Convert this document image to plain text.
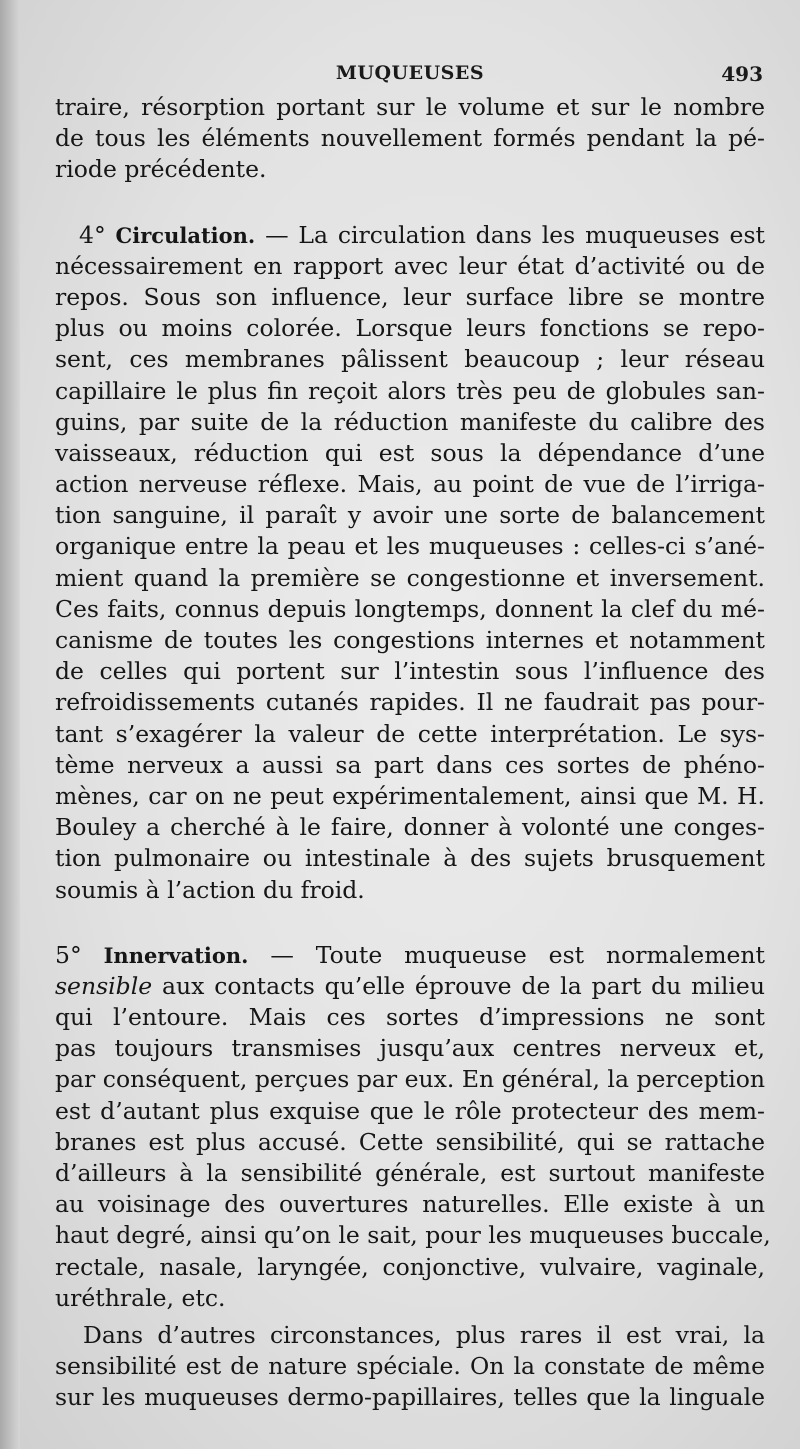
MUQUEUSES	493
traire, résorption portant sur le volume et sur le nombre
de tous les éléments nouvellement formés pendant la pé-
riode précédente.
4° Circulation. — La circulation dans les muqueuses est
nécessairement en rapport avec leur état d’activité ou de
repos. Sous son influence, leur surface libre se montre
plus ou moins colorée. Lorsque leurs fonctions se repo-
sent, ces membranes pâlissent beaucoup ; leur réseau
capillaire le plus fin reçoit alors très peu de globules san-
guins, par suite de la réduction manifeste du calibre des
vaisseaux, réduction qui est sous la dépendance d’une
action nerveuse réflexe. Mais, au point de vue de l’irriga-
tion sanguine, il paraît y avoir une sorte de balancement
organique entre la peau et les muqueuses : celles-ci s’ané-
mient quand la première se congestionne et inversement.
Ces faits, connus depuis longtemps, donnent la clef du mé-
canisme de toutes les congestions internes et notamment
de celles qui portent sur l’intestin sous l’influence des
refroidissements cutanés rapides. Il ne faudrait pas pour-
tant s’exagérer la valeur de cette interprétation. Le sys-
tème nerveux a aussi sa part dans ces sortes de phéno-
mènes, car on ne peut expérimentalement, ainsi que M. H.
Bouley a cherché à le faire, donner à volonté une conges-
tion pulmonaire ou intestinale à des sujets brusquement
soumis à l’action du froid.
5° Innervation. — Toute muqueuse est normalement
sensible aux contacts qu’elle éprouve de la part du milieu
qui l’entoure. Mais ces sortes d’impressions ne sont
pas toujours transmises jusqu’aux centres nerveux et,
par conséquent, perçues par eux. En général, la perception
est d’autant plus exquise que le rôle protecteur des mem-
branes est plus accusé. Cette sensibilité, qui se rattache
d’ailleurs à la sensibilité générale, est surtout manifeste
au voisinage des ouvertures naturelles. Elle existe à un
haut degré, ainsi qu’on le sait, pour les muqueuses buccale,
rectale, nasale, laryngée, conjonctive, vulvaire, vaginale,
uréthrale, etc.
Dans d’autres circonstances, plus rares il est vrai, la
sensibilité est de nature spéciale. On la constate de même
sur les muqueuses dermo-papillaires, telles que la linguale
